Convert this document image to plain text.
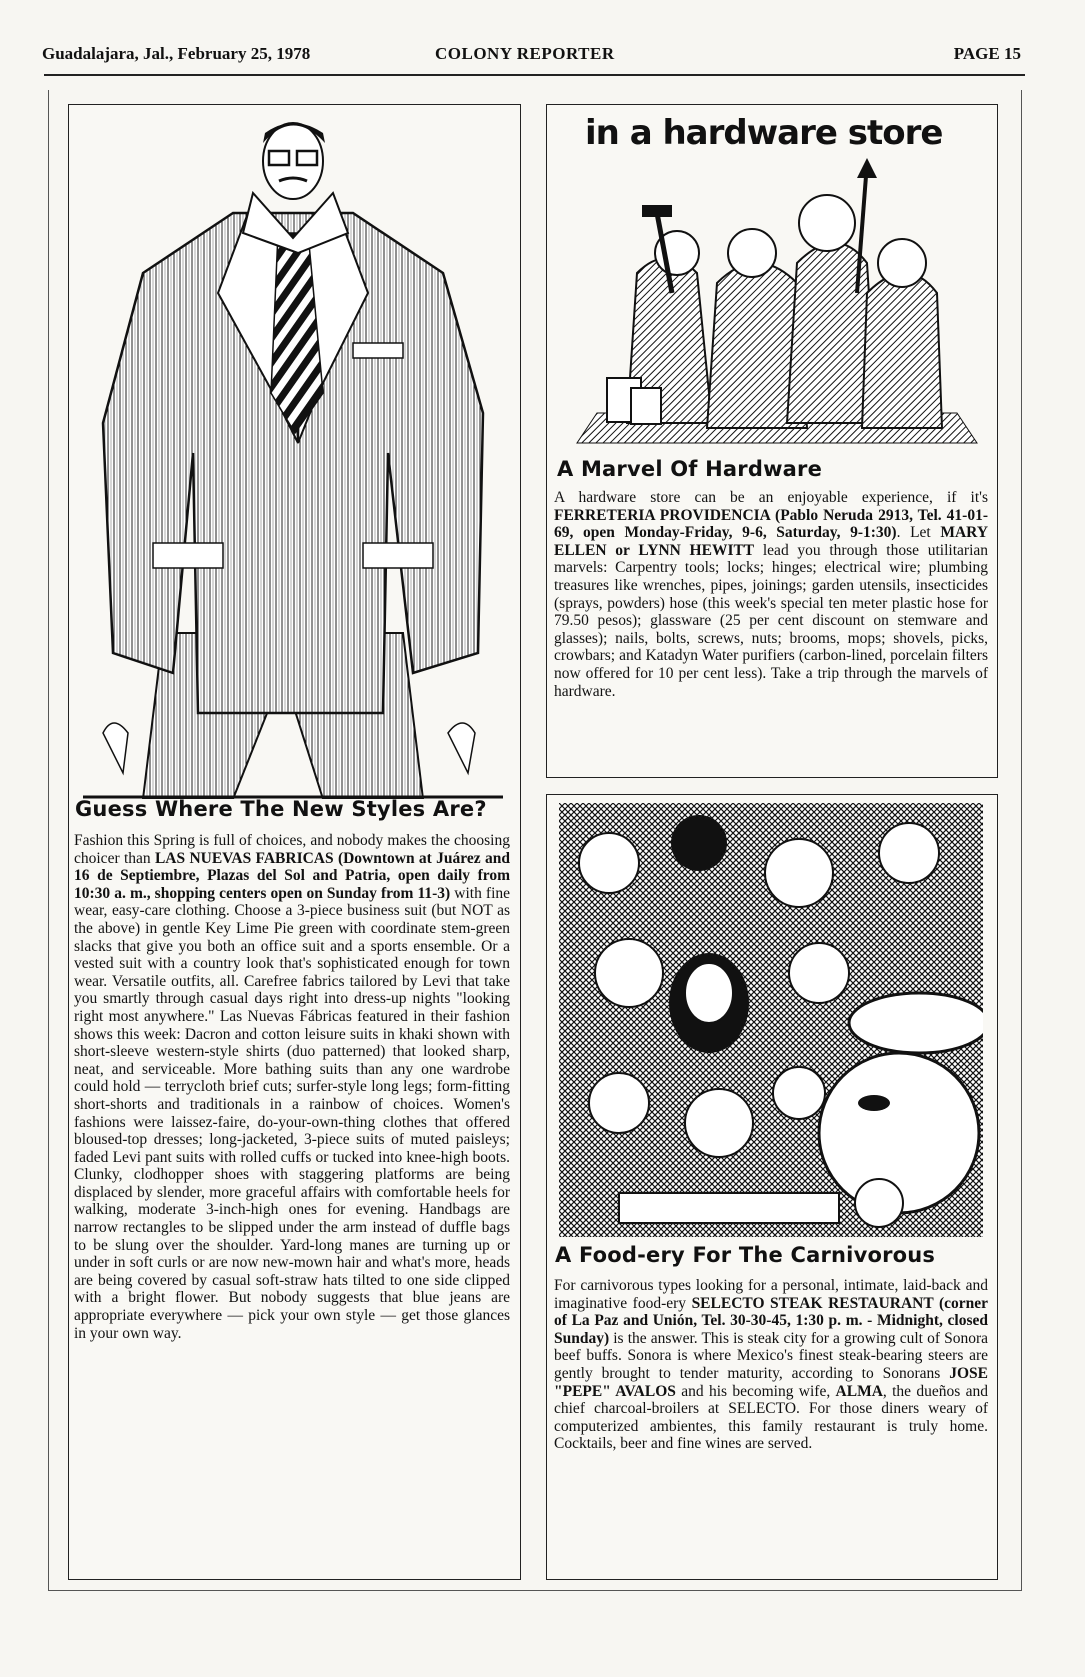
Guadalajara, Jal., February 25, 1978	COLONY REPORTER	PAGE 15
Guess Where The New Styles Are?
Fashion this Spring is full of choices, and nobody makes the choosing choicer than LAS NUEVAS FABRICAS (Downtown at Juárez and 16 de Septiembre, Plazas del Sol and Patria, open daily from 10:30 a. m., shopping centers open on Sunday from 11-3) with fine wear, easy-care clothing. Choose a 3-piece business suit (but NOT as the above) in gentle Key Lime Pie green with coordinate stem-green slacks that give you both an office suit and a sports ensemble. Or a vested suit with a country look that's sophisticated enough for town wear. Versatile outfits, all. Carefree fabrics tailored by Levi that take you smartly through casual days right into dress-up nights "looking right most anywhere." Las Nuevas Fábricas featured in their fashion shows this week: Dacron and cotton leisure suits in khaki shown with short-sleeve western-style shirts (duo patterned) that looked sharp, neat, and serviceable. More bathing suits than any one wardrobe could hold — terrycloth brief cuts; surfer-style long legs; form-fitting short-shorts and traditionals in a rainbow of choices. Women's fashions were laissez-faire, do-your-own-thing clothes that offered bloused-top dresses; long-jacketed, 3-piece suits of muted paisleys; faded Levi pant suits with rolled cuffs or tucked into knee-high boots. Clunky, clodhopper shoes with staggering platforms are being displaced by slender, more graceful affairs with comfortable heels for walking, moderate 3-inch-high ones for evening. Handbags are narrow rectangles to be slipped under the arm instead of duffle bags to be slung over the shoulder. Yard-long manes are turning up or under in soft curls or are now new-mown hair and what's more, heads are being covered by casual soft-straw hats tilted to one side clipped with a bright flower. But nobody suggests that blue jeans are appropriate everywhere — pick your own style — get those glances in your own way.
in a hardware store
A Marvel Of Hardware
A hardware store can be an enjoyable experience, if it's FERRETERIA PROVIDENCIA (Pablo Neruda 2913, Tel. 41-01-69, open Monday-Friday, 9-6, Saturday, 9-1:30). Let MARY ELLEN or LYNN HEWITT lead you through those utilitarian marvels: Carpentry tools; locks; hinges; electrical wire; plumbing treasures like wrenches, pipes, joinings; garden utensils, insecticides (sprays, powders) hose (this week's special ten meter plastic hose for 79.50 pesos); glassware (25 per cent discount on stemware and glasses); nails, bolts, screws, nuts; brooms, mops; shovels, picks, crowbars; and Katadyn Water purifiers (carbon-lined, porcelain filters now offered for 10 per cent less). Take a trip through the marvels of hardware.
A Food-ery For The Carnivorous
For carnivorous types looking for a personal, intimate, laid-back and imaginative food-ery SELECTO STEAK RESTAURANT (corner of La Paz and Unión, Tel. 30-30-45, 1:30 p. m. - Midnight, closed Sunday) is the answer. This is steak city for a growing cult of Sonora beef buffs. Sonora is where Mexico's finest steak-bearing steers are gently brought to tender maturity, according to Sonorans JOSE "PEPE" AVALOS and his becoming wife, ALMA, the dueños and chief charcoal-broilers at SELECTO. For those diners weary of computerized ambientes, this family restaurant is truly home. Cocktails, beer and fine wines are served.
